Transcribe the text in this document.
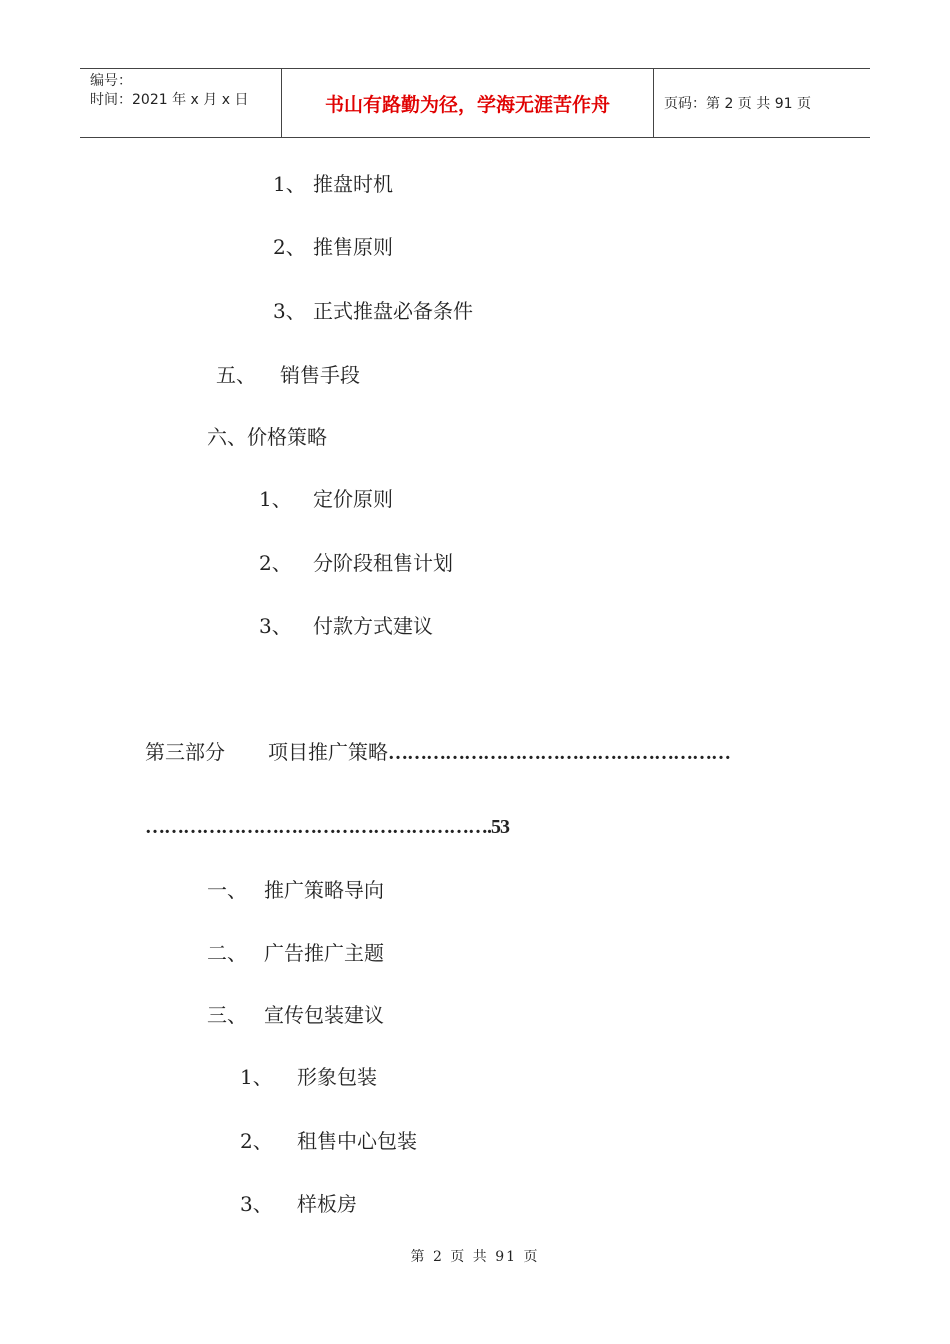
编号：
时间：2021 年 x 月 x 日	书山有路勤为径，学海无涯苦作舟	页码：第 2 页 共 91 页
1、 推盘时机
2、 推售原则
3、 正式推盘必备条件
五、 销售手段
六、价格策略
1、 定价原则
2、 分阶段租售计划
3、 付款方式建议
第三部分 项目推广策略………………………………………………
……………………………………………….53
一、 推广策略导向
二、 广告推广主题
三、 宣传包装建议
1、 形象包装
2、 租售中心包装
3、 样板房
第 2 页 共 91 页
